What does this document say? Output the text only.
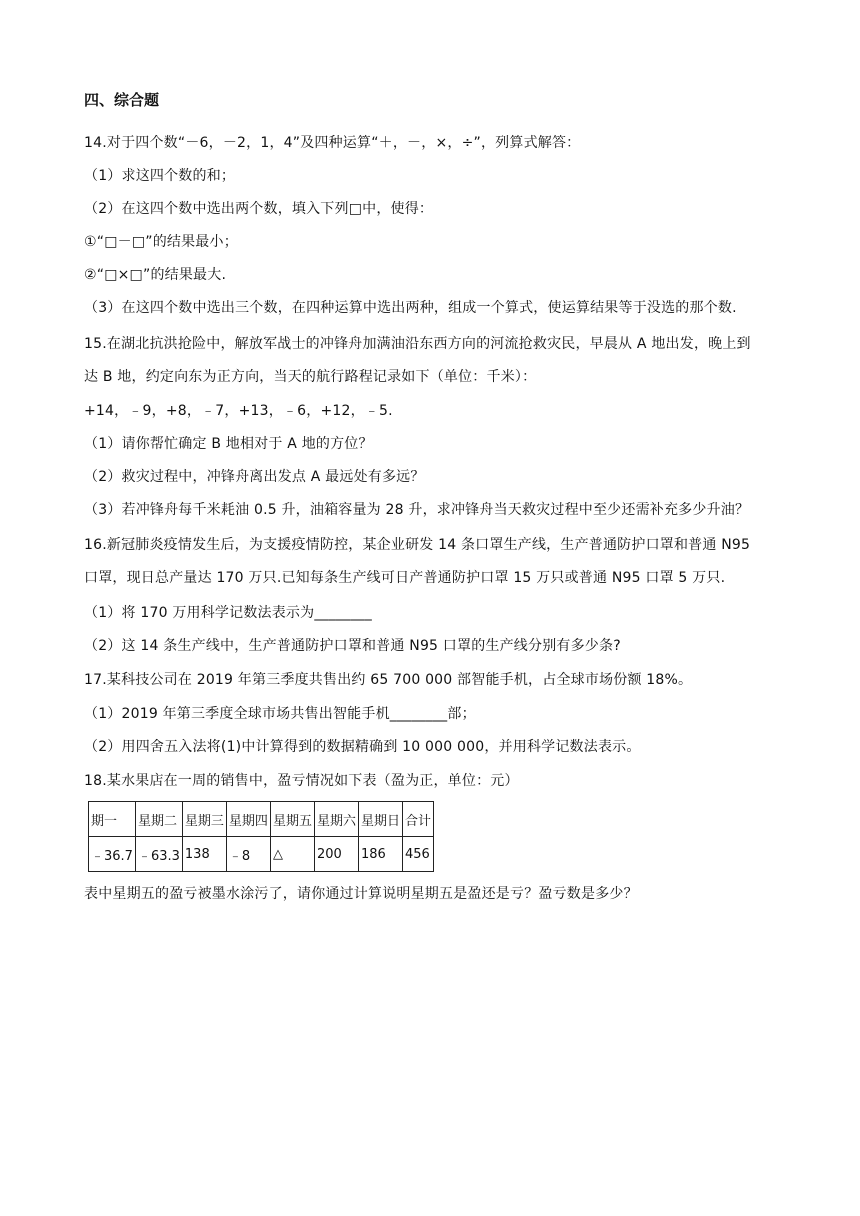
四、综合题
14.对于四个数“－6，－2，1，4”及四种运算“＋，－，×，÷”，列算式解答：
（1）求这四个数的和；
（2）在这四个数中选出两个数，填入下列□中，使得：
①“□－□”的结果最小；
②“□×□”的结果最大.
（3）在这四个数中选出三个数，在四种运算中选出两种，组成一个算式，使运算结果等于没选的那个数.
15.在湖北抗洪抢险中，解放军战士的冲锋舟加满油沿东西方向的河流抢救灾民，早晨从 A 地出发，晚上到
达 B 地，约定向东为正方向，当天的航行路程记录如下（单位：千米）：
+14，﹣9，+8，﹣7，+13，﹣6，+12，﹣5.
（1）请你帮忙确定 B 地相对于 A 地的方位？
（2）救灾过程中，冲锋舟离出发点 A 最远处有多远？
（3）若冲锋舟每千米耗油 0.5 升，油箱容量为 28 升，求冲锋舟当天救灾过程中至少还需补充多少升油？
16.新冠肺炎疫情发生后，为支援疫情防控，某企业研发 14 条口罩生产线，生产普通防护口罩和普通 N95
口罩，现日总产量达 170 万只.已知每条生产线可日产普通防护口罩 15 万只或普通 N95 口罩 5 万只.
（1）将 170 万用科学记数法表示为________
（2）这 14 条生产线中，生产普通防护口罩和普通 N95 口罩的生产线分别有多少条?
17.某科技公司在 2019 年第三季度共售出约 65 700 000 部智能手机，占全球市场份额 18%。
（1）2019 年第三季度全球市场共售出智能手机________部；
（2）用四舍五入法将(1)中计算得到的数据精确到 10 000 000，并用科学记数法表示。
18.某水果店在一周的销售中，盈亏情况如下表（盈为正，单位：元）
期一	星期二	星期三	星期四	星期五	星期六	星期日	合计
﹣36.7	﹣63.3	138	﹣8	△	200	186	456
表中星期五的盈亏被墨水涂污了，请你通过计算说明星期五是盈还是亏？盈亏数是多少？
